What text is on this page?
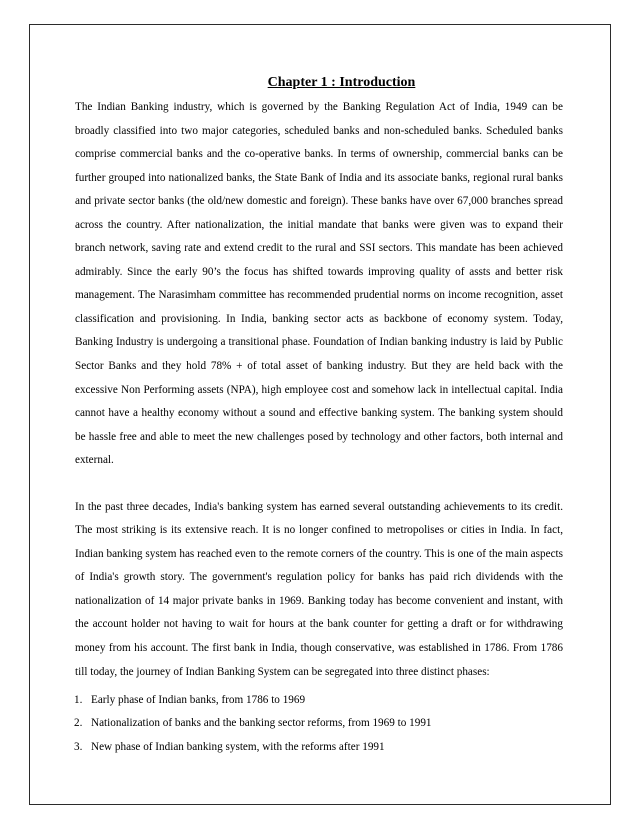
Chapter 1 : Introduction

The Indian Banking industry, which is governed by the Banking Regulation Act of India, 1949 can be broadly classified into two major categories, scheduled banks and non-scheduled banks. Scheduled banks comprise commercial banks and the co-operative banks. In terms of ownership, commercial banks can be further grouped into nationalized banks, the State Bank of India and its associate banks, regional rural banks and private sector banks (the old/new domestic and foreign). These banks have over 67,000 branches spread across the country. After nationalization, the initial mandate that banks were given was to expand their branch network, saving rate and extend credit to the rural and SSI sectors. This mandate has been achieved admirably. Since the early 90’s the focus has shifted towards improving quality of assts and better risk management. The Narasimham committee has recommended prudential norms on income recognition, asset classification and provisioning. In India, banking sector acts as backbone of economy system. Today, Banking Industry is undergoing a transitional phase. Foundation of Indian banking industry is laid by Public Sector Banks and they hold 78% + of total asset of banking industry. But they are held back with the excessive Non Performing assets (NPA), high employee cost and somehow lack in intellectual capital. India cannot have a healthy economy without a sound and effective banking system. The banking system should be hassle free and able to meet the new challenges posed by technology and other factors, both internal and external.

In the past three decades, India's banking system has earned several outstanding achievements to its credit. The most striking is its extensive reach. It is no longer confined to metropolises or cities in India. In fact, Indian banking system has reached even to the remote corners of the country. This is one of the main aspects of India's growth story. The government's regulation policy for banks has paid rich dividends with the nationalization of 14 major private banks in 1969. Banking today has become convenient and instant, with the account holder not having to wait for hours at the bank counter for getting a draft or for withdrawing money from his account. The first bank in India, though conservative, was established in 1786. From 1786 till today, the journey of Indian Banking System can be segregated into three distinct phases:

1 . Early phase of Indian banks, from 1786 to 1969
2 . Nationalization of banks and the banking sector reforms, from 1969 to 1991
3 . New phase of Indian banking system, with the reforms after 1991
